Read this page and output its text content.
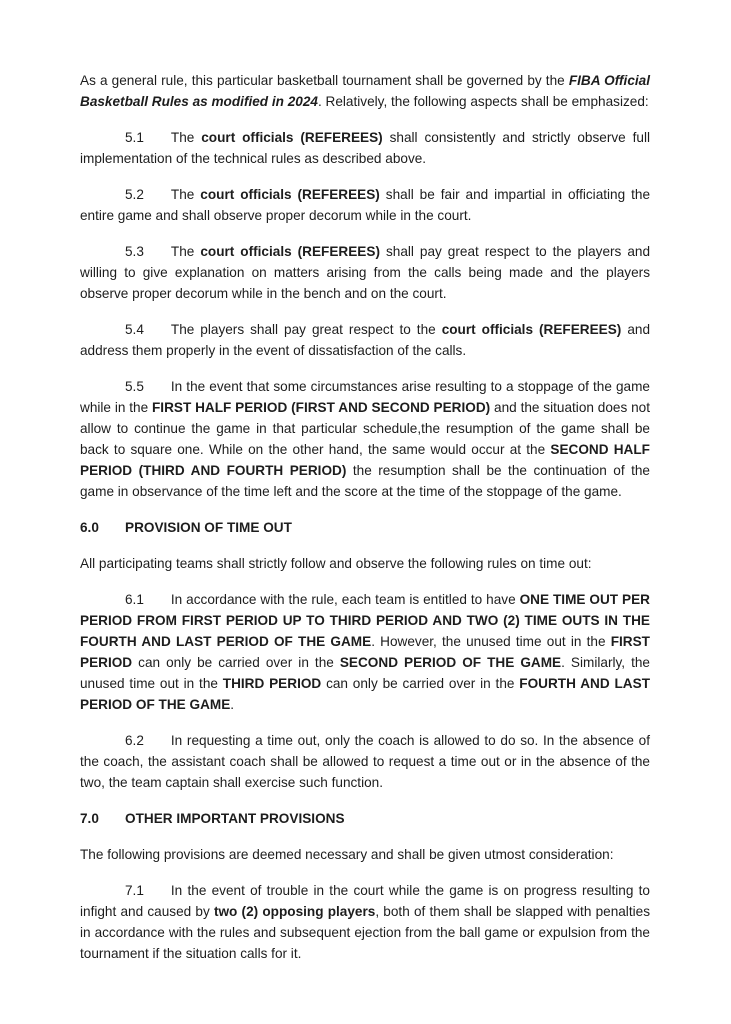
As a general rule, this particular basketball tournament shall be governed by the FIBA Official Basketball Rules as modified in 2024. Relatively, the following aspects shall be emphasized:

5.1 The court officials (REFEREES) shall consistently and strictly observe full implementation of the technical rules as described above.

5.2 The court officials (REFEREES) shall be fair and impartial in officiating the entire game and shall observe proper decorum while in the court.

5.3 The court officials (REFEREES) shall pay great respect to the players and willing to give explanation on matters arising from the calls being made and the players observe proper decorum while in the bench and on the court.

5.4 The players shall pay great respect to the court officials (REFEREES) and address them properly in the event of dissatisfaction of the calls.

5.5 In the event that some circumstances arise resulting to a stoppage of the game while in the FIRST HALF PERIOD (FIRST AND SECOND PERIOD) and the situation does not allow to continue the game in that particular schedule,the resumption of the game shall be back to square one. While on the other hand, the same would occur at the SECOND HALF PERIOD (THIRD AND FOURTH PERIOD) the resumption shall be the continuation of the game in observance of the time left and the score at the time of the stoppage of the game.

6.0 PROVISION OF TIME OUT

All participating teams shall strictly follow and observe the following rules on time out:

6.1 In accordance with the rule, each team is entitled to have ONE TIME OUT PER PERIOD FROM FIRST PERIOD UP TO THIRD PERIOD AND TWO (2) TIME OUTS IN THE FOURTH AND LAST PERIOD OF THE GAME. However, the unused time out in the FIRST PERIOD can only be carried over in the SECOND PERIOD OF THE GAME. Similarly, the unused time out in the THIRD PERIOD can only be carried over in the FOURTH AND LAST PERIOD OF THE GAME.

6.2 In requesting a time out, only the coach is allowed to do so. In the absence of the coach, the assistant coach shall be allowed to request a time out or in the absence of the two, the team captain shall exercise such function.

7.0 OTHER IMPORTANT PROVISIONS

The following provisions are deemed necessary and shall be given utmost consideration:

7.1 In the event of trouble in the court while the game is on progress resulting to infight and caused by two (2) opposing players, both of them shall be slapped with penalties in accordance with the rules and subsequent ejection from the ball game or expulsion from the tournament if the situation calls for it.
